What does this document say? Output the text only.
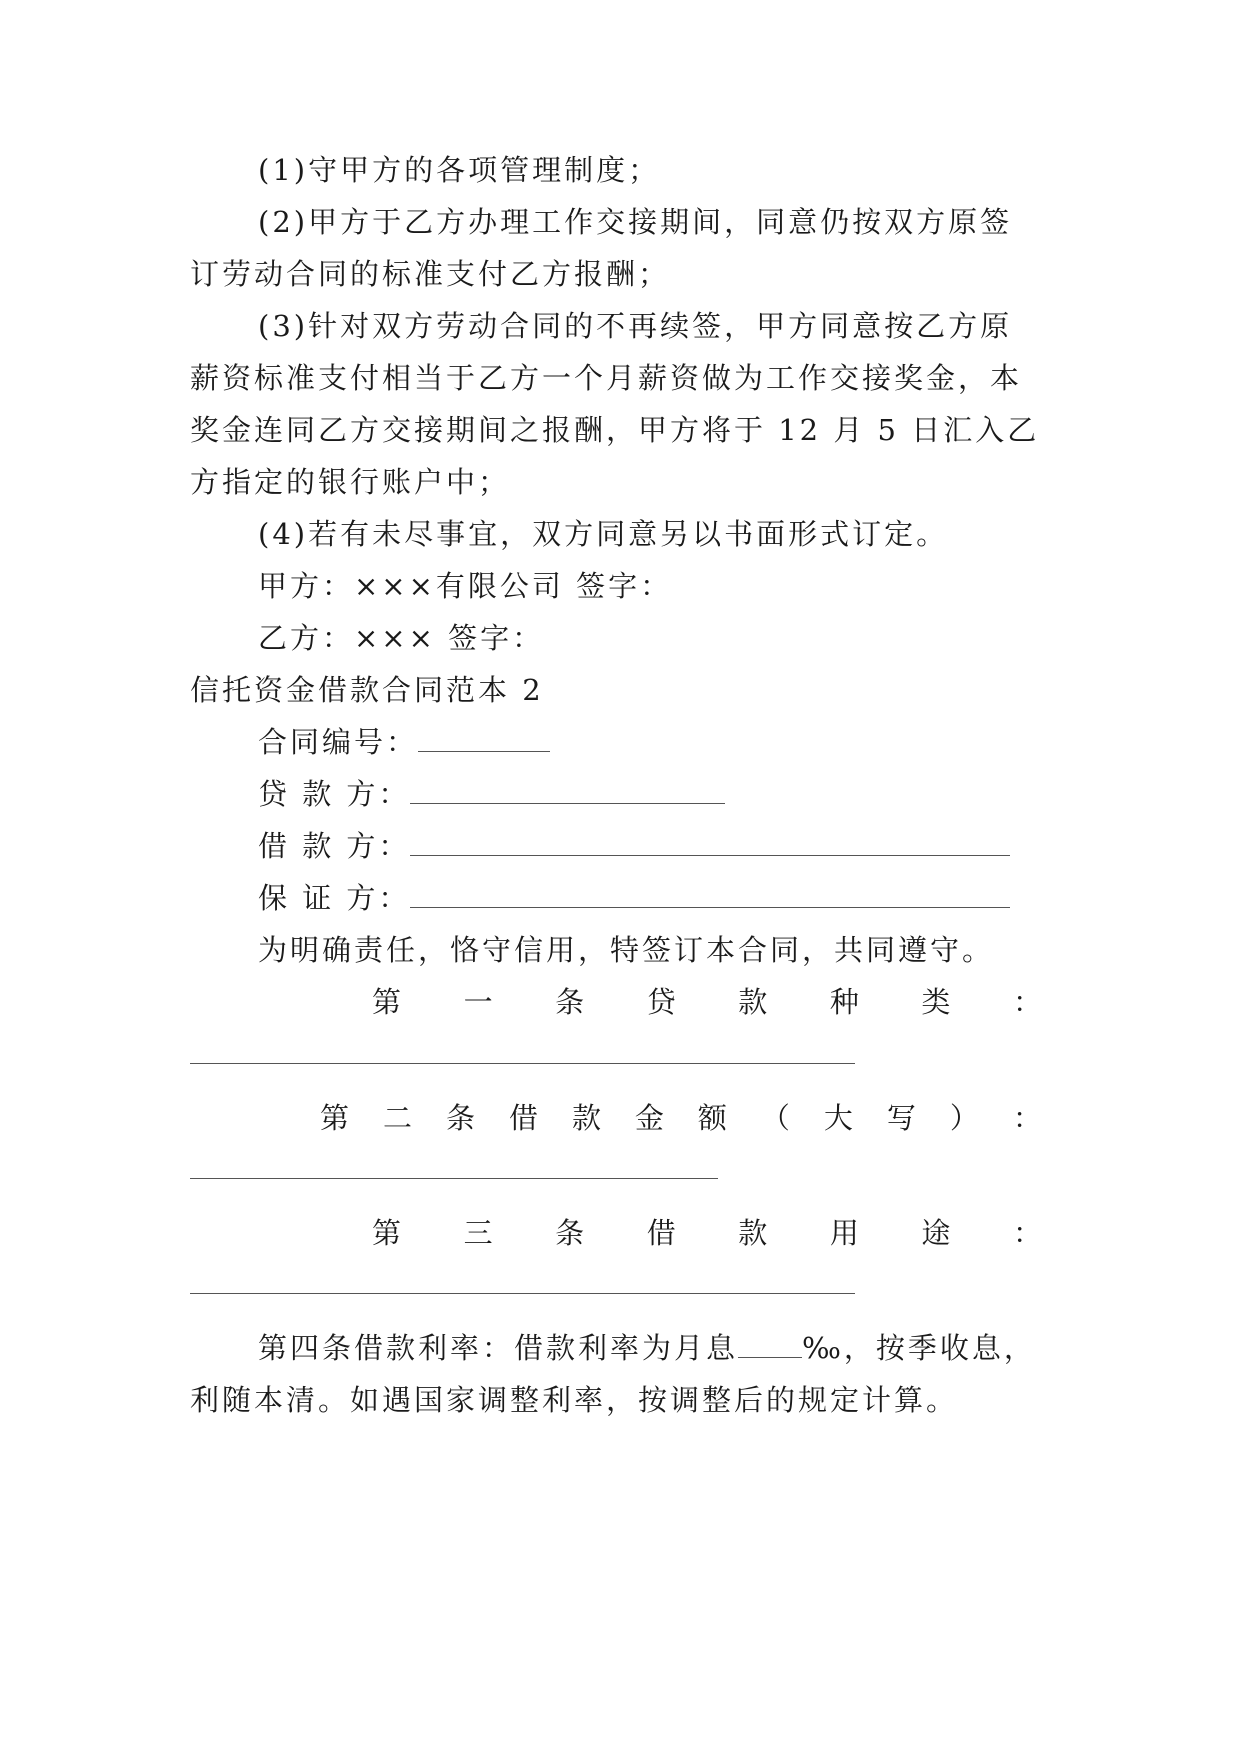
(1)守甲方的各项管理制度；
(2)甲方于乙方办理工作交接期间，同意仍按双方原签
订劳动合同的标准支付乙方报酬；
(3)针对双方劳动合同的不再续签，甲方同意按乙方原
薪资标准支付相当于乙方一个月薪资做为工作交接奖金，本
奖金连同乙方交接期间之报酬，甲方将于 12 月 5 日汇入乙
方指定的银行账户中；
(4)若有未尽事宜，双方同意另以书面形式订定。
甲方：×××有限公司 签字：
乙方：××× 签字：
信托资金借款合同范本 2
合同编号：
贷 款 方：
借 款 方：
保 证 方：
为明确责任，恪守信用，特签订本合同，共同遵守。
第 一 条 贷 款 种 类 ：
第 二 条 借 款 金 额 （ 大 写 ） ：
第 三 条 借 款 用 途 ：
第四条借款利率：借款利率为月息 ‰，按季收息，
利随本清。如遇国家调整利率，按调整后的规定计算。
